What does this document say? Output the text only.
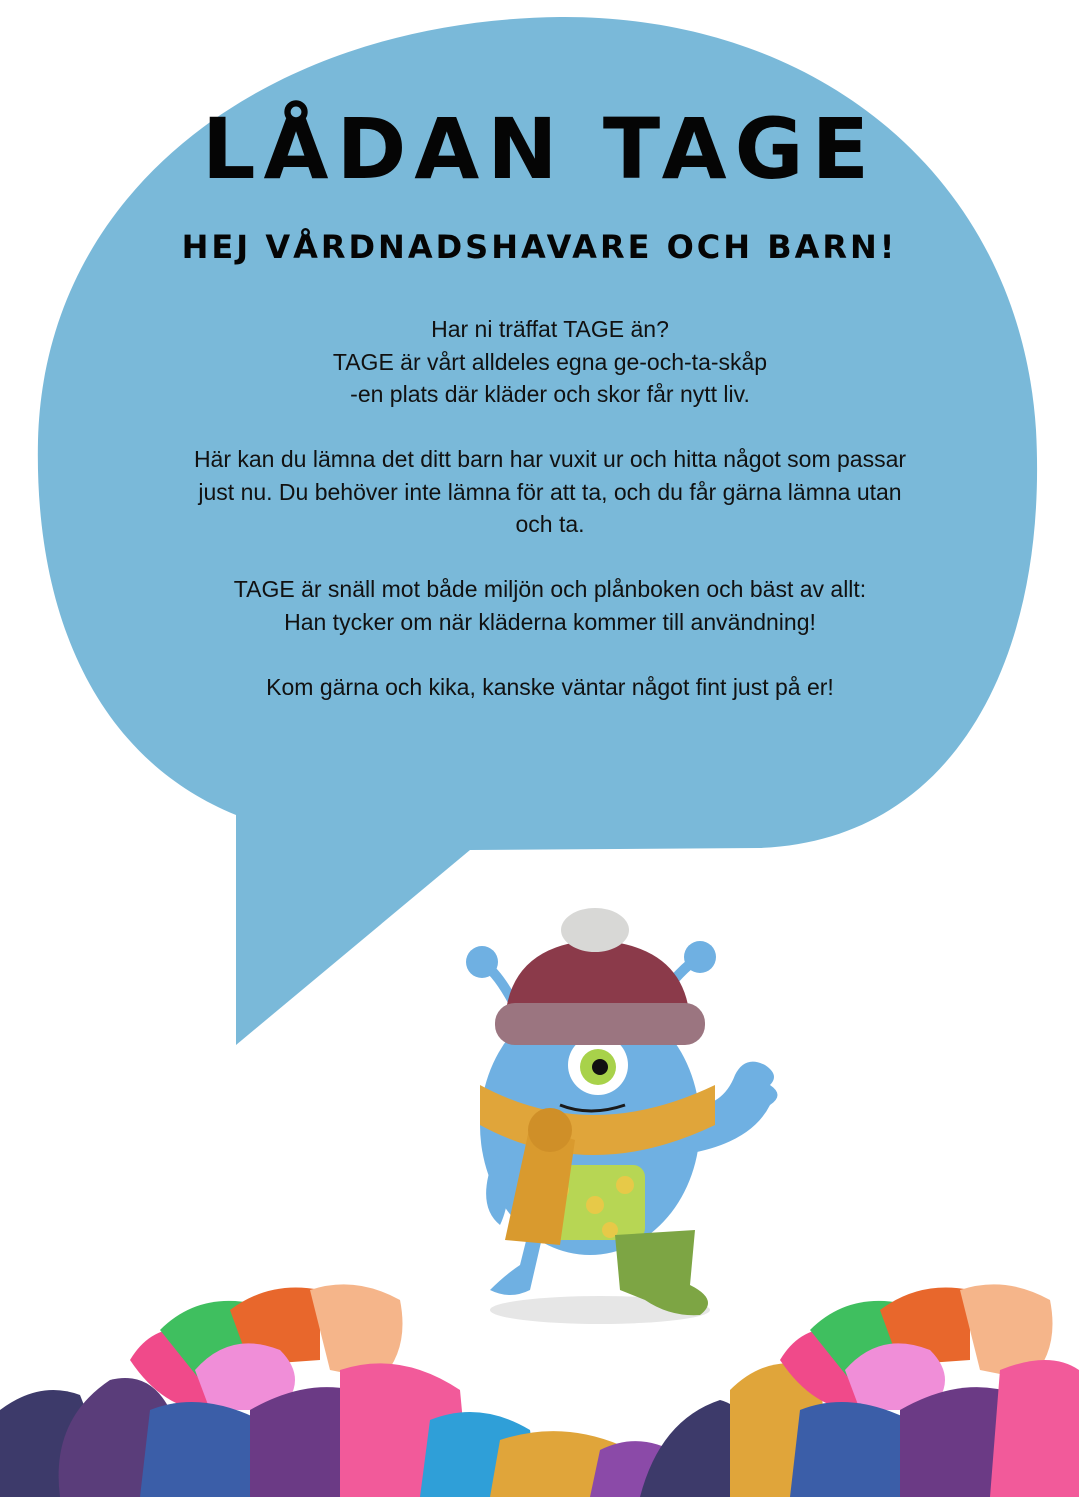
LÅDAN TAGE
HEJ VÅRDNADSHAVARE OCH BARN!

Har ni träffat TAGE än?
TAGE är vårt alldeles egna ge-och-ta-skåp
-en plats där kläder och skor får nytt liv.

Här kan du lämna det ditt barn har vuxit ur och hitta något som passar
just nu. Du behöver inte lämna för att ta, och du får gärna lämna utan
och ta.

TAGE är snäll mot både miljön och plånboken och bäst av allt:
Han tycker om när kläderna kommer till användning!

Kom gärna och kika, kanske väntar något fint just på er!
